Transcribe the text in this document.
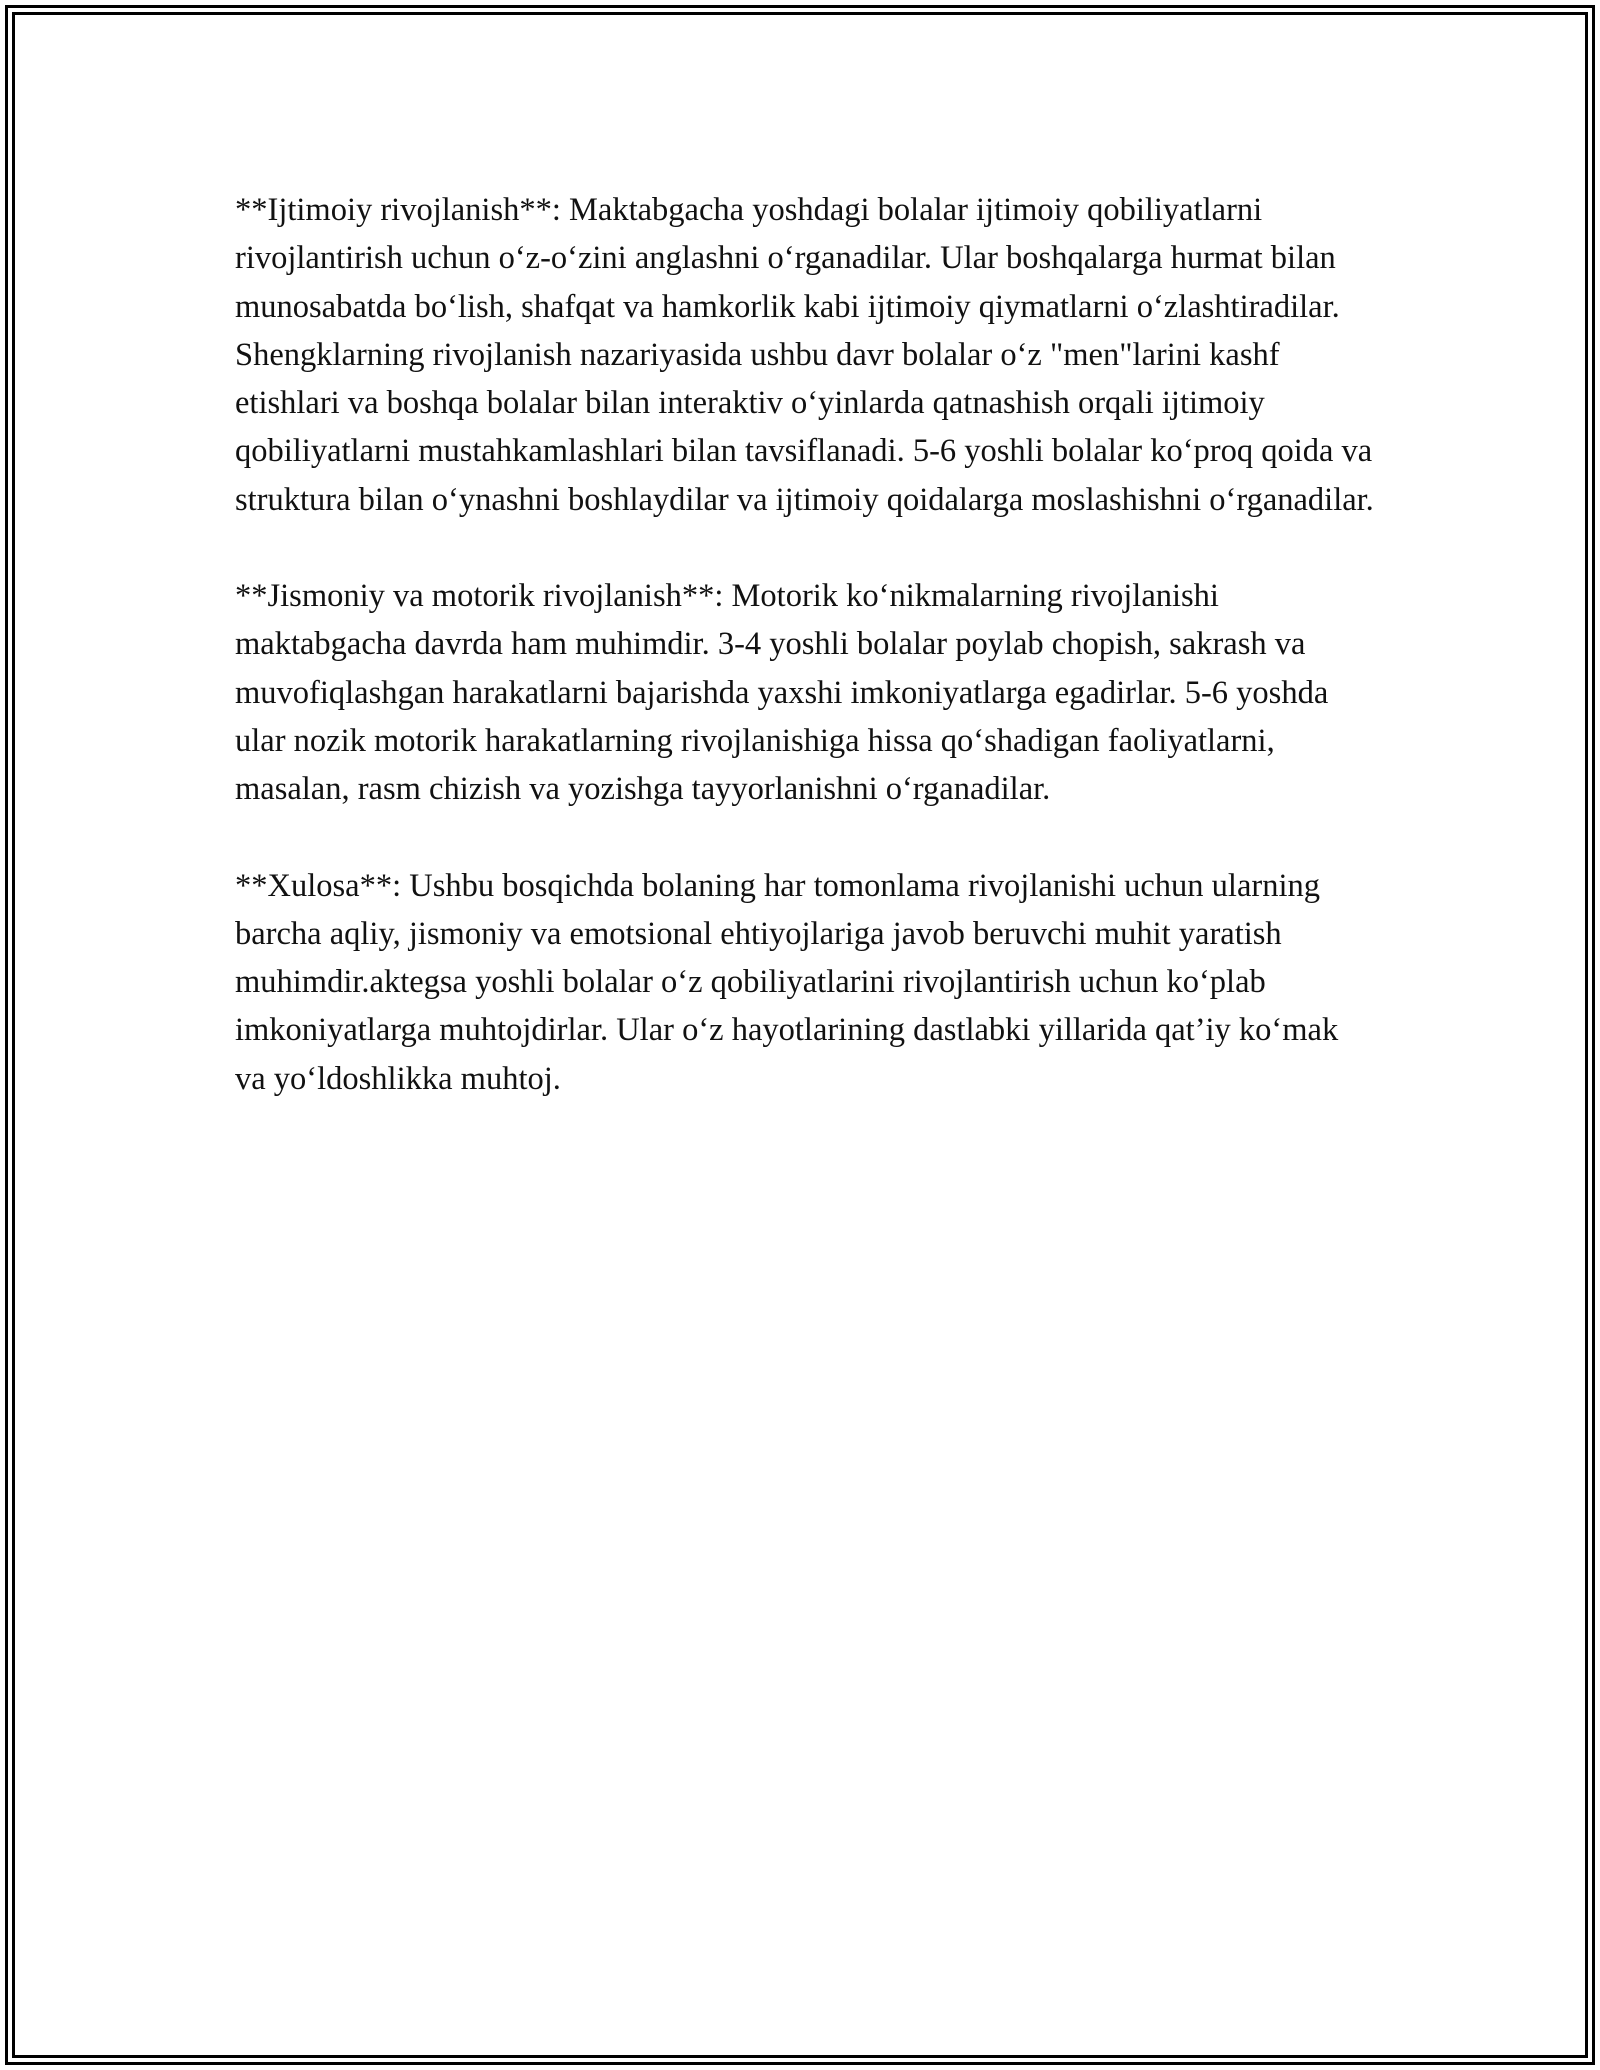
**Ijtimoiy rivojlanish**: Maktabgacha yoshdagi bolalar ijtimoiy qobiliyatlarni rivojlantirish uchun o‘z-o‘zini anglashni o‘rganadilar. Ular boshqalarga hurmat bilan munosabatda bo‘lish, shafqat va hamkorlik kabi ijtimoiy qiymatlarni o‘zlashtiradilar. Shengklarning rivojlanish nazariyasida ushbu davr bolalar o‘z "men"larini kashf etishlari va boshqa bolalar bilan interaktiv o‘yinlarda qatnashish orqali ijtimoiy qobiliyatlarni mustahkamlashlari bilan tavsiflanadi. 5-6 yoshli bolalar ko‘proq qoida va struktura bilan o‘ynashni boshlaydilar va ijtimoiy qoidalarga moslashishni o‘rganadilar.

**Jismoniy va motorik rivojlanish**: Motorik ko‘nikmalarning rivojlanishi maktabgacha davrda ham muhimdir. 3-4 yoshli bolalar poylab chopish, sakrash va muvofiqlashgan harakatlarni bajarishda yaxshi imkoniyatlarga egadirlar. 5-6 yoshda ular nozik motorik harakatlarning rivojlanishiga hissa qo‘shadigan faoliyatlarni, masalan, rasm chizish va yozishga tayyorlanishni o‘rganadilar.

**Xulosa**: Ushbu bosqichda bolaning har tomonlama rivojlanishi uchun ularning barcha aqliy, jismoniy va emotsional ehtiyojlariga javob beruvchi muhit yaratish muhimdir.aktegsa yoshli bolalar o‘z qobiliyatlarini rivojlantirish uchun ko‘plab imkoniyatlarga muhtojdirlar. Ular o‘z hayotlarining dastlabki yillarida qat’iy ko‘mak va yo‘ldoshlikka muhtoj.
